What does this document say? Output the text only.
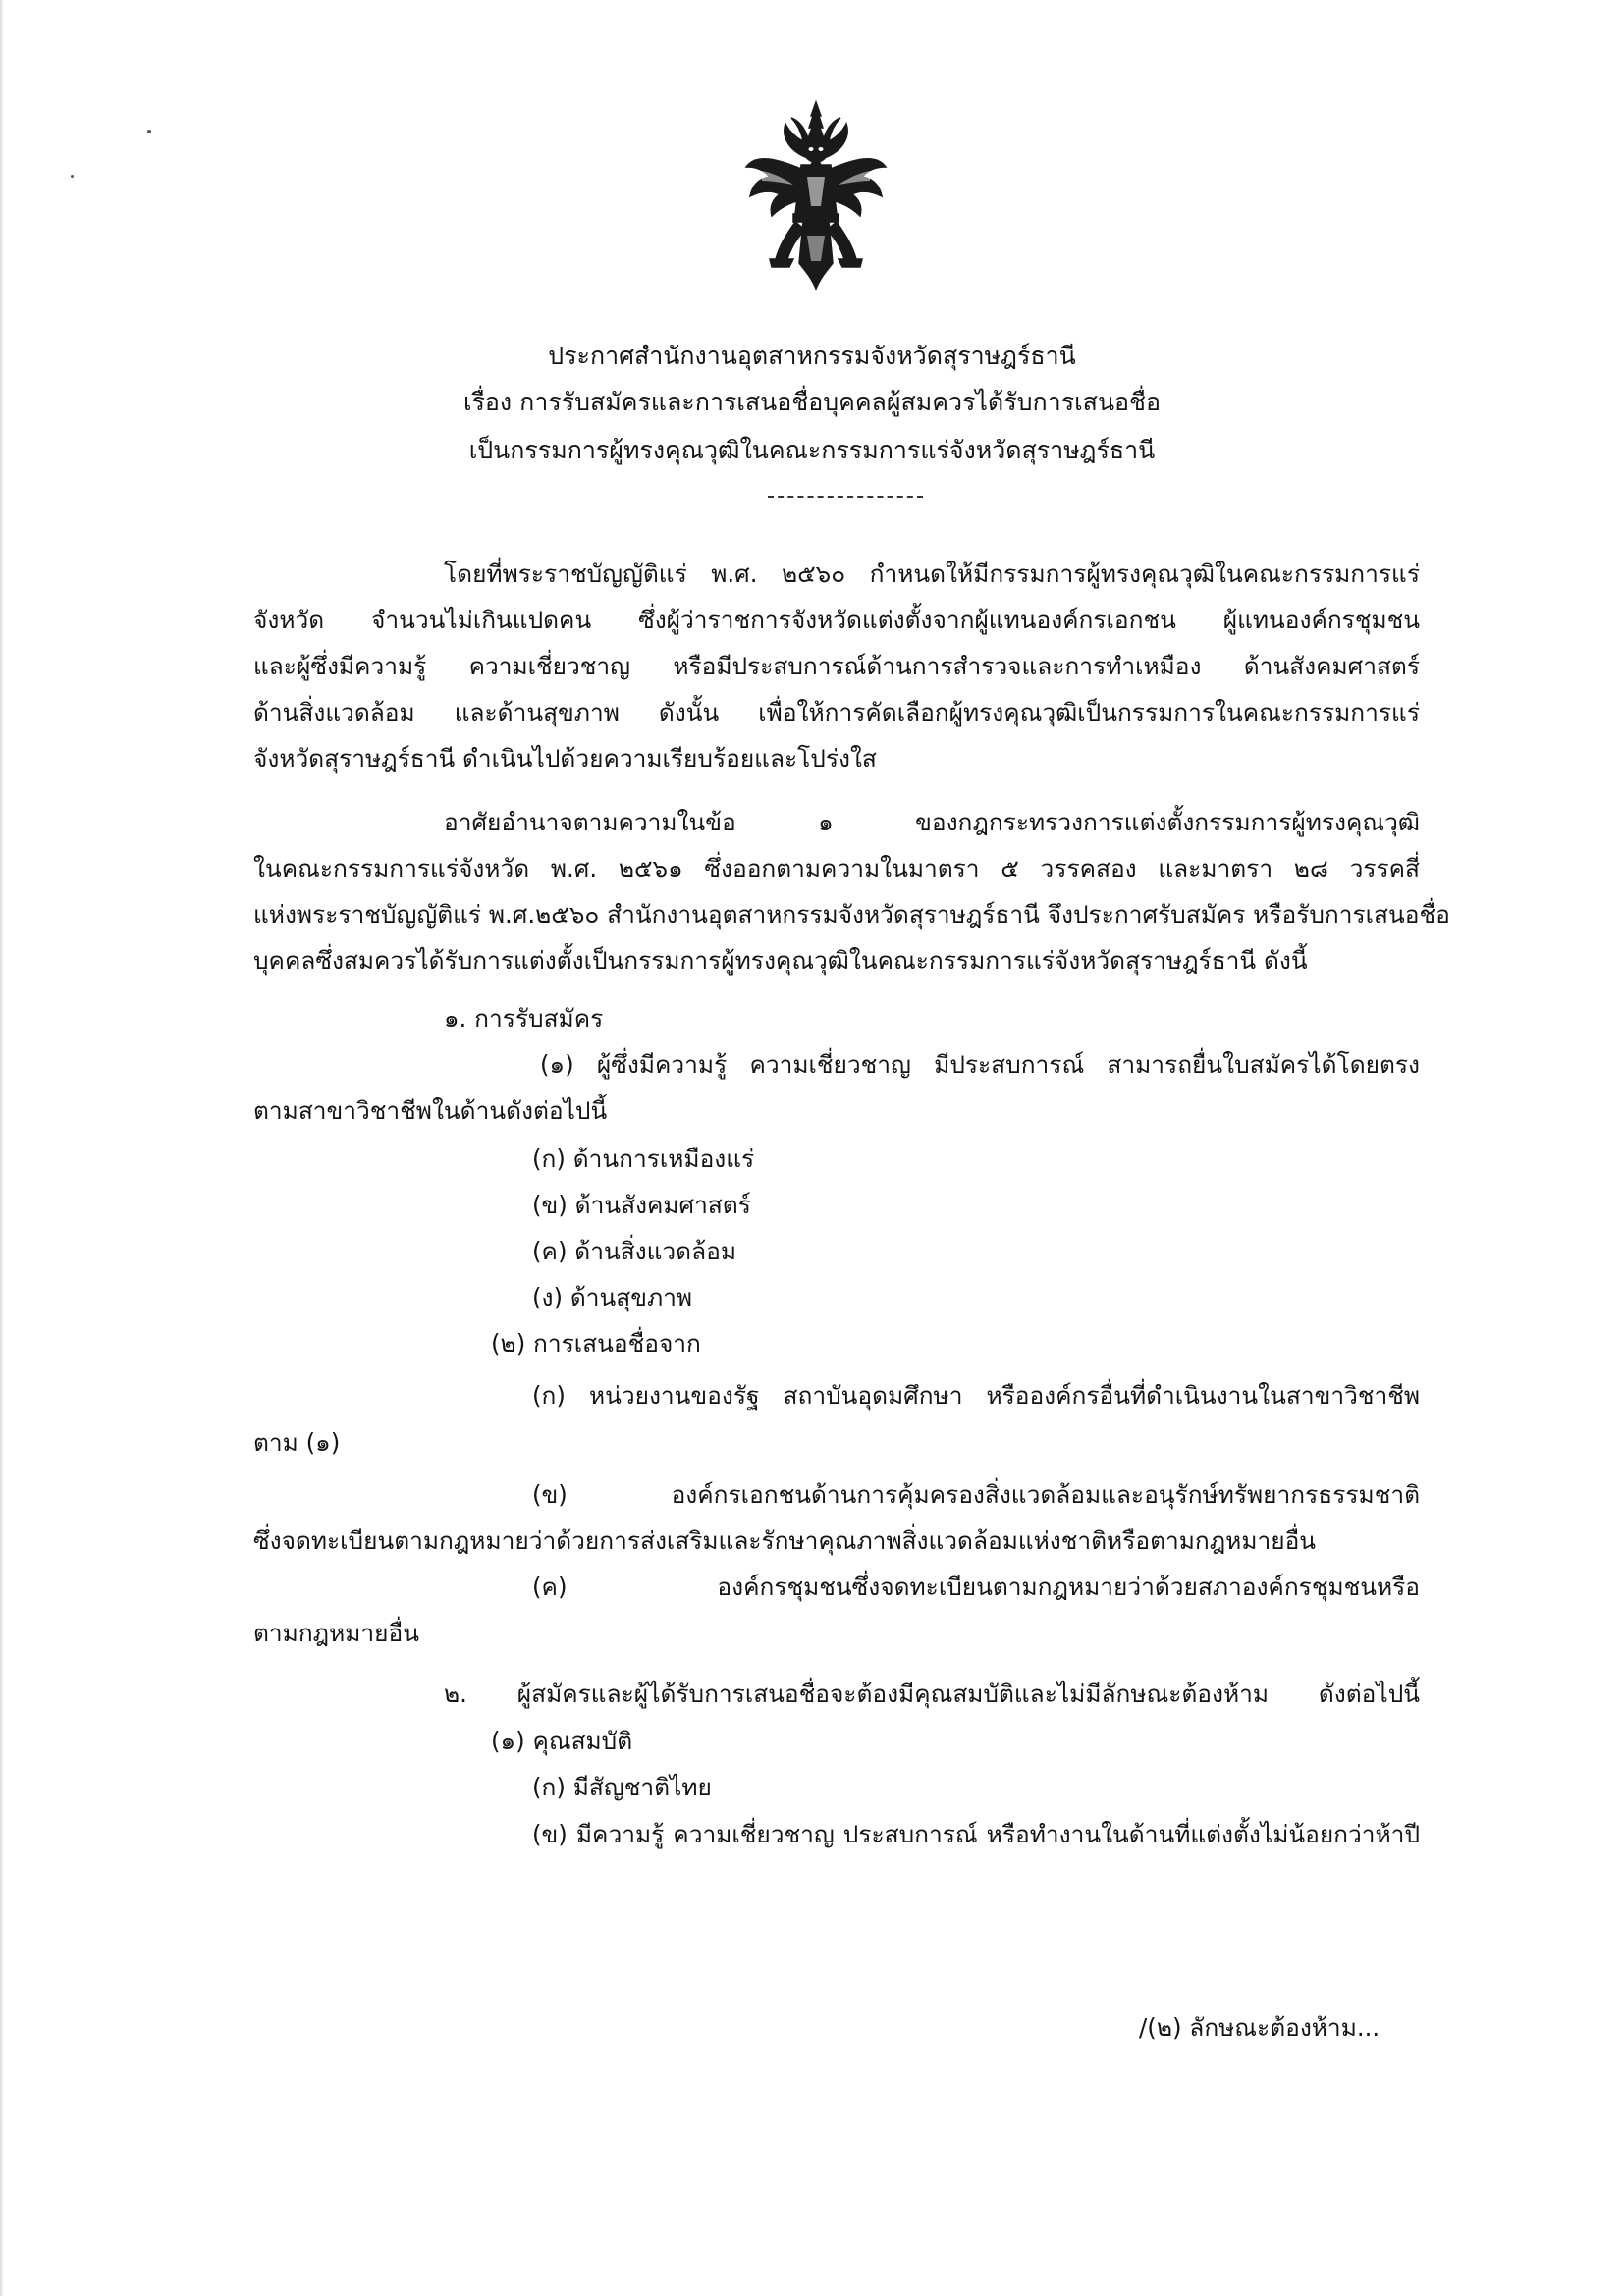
ประกาศสำนักงานอุตสาหกรรมจังหวัดสุราษฎร์ธานี
เรื่อง การรับสมัครและการเสนอชื่อบุคคลผู้สมควรได้รับการเสนอชื่อ
เป็นกรรมการผู้ทรงคุณวุฒิในคณะกรรมการแร่จังหวัดสุราษฎร์ธานี
โดยที่พระราชบัญญัติแร่ พ.ศ. ๒๕๖๐ กำหนดให้มีกรรมการผู้ทรงคุณวุฒิในคณะกรรมการแร่
จังหวัด จำนวนไม่เกินแปดคน ซึ่งผู้ว่าราชการจังหวัดแต่งตั้งจากผู้แทนองค์กรเอกชน ผู้แทนองค์กรชุมชน
และผู้ซึ่งมีความรู้ ความเชี่ยวชาญ หรือมีประสบการณ์ด้านการสำรวจและการทำเหมือง ด้านสังคมศาสตร์
ด้านสิ่งแวดล้อม และด้านสุขภาพ ดังนั้น เพื่อให้การคัดเลือกผู้ทรงคุณวุฒิเป็นกรรมการในคณะกรรมการแร่
จังหวัดสุราษฎร์ธานี ดำเนินไปด้วยความเรียบร้อยและโปร่งใส
อาศัยอำนาจตามความในข้อ ๑ ของกฎกระทรวงการแต่งตั้งกรรมการผู้ทรงคุณวุฒิ
ในคณะกรรมการแร่จังหวัด พ.ศ. ๒๕๖๑ ซึ่งออกตามความในมาตรา ๕ วรรคสอง และมาตรา ๒๘ วรรคสี่
แห่งพระราชบัญญัติแร่ พ.ศ.๒๕๖๐ สำนักงานอุตสาหกรรมจังหวัดสุราษฎร์ธานี จึงประกาศรับสมัคร หรือรับการเสนอชื่อ
บุคคลซึ่งสมควรได้รับการแต่งตั้งเป็นกรรมการผู้ทรงคุณวุฒิในคณะกรรมการแร่จังหวัดสุราษฎร์ธานี ดังนี้
๑. การรับสมัคร
(๑) ผู้ซึ่งมีความรู้ ความเชี่ยวชาญ มีประสบการณ์ สามารถยื่นใบสมัครได้โดยตรง
ตามสาขาวิชาชีพในด้านดังต่อไปนี้
(ก) ด้านการเหมืองแร่
(ข) ด้านสังคมศาสตร์
(ค) ด้านสิ่งแวดล้อม
(ง) ด้านสุขภาพ
(๒) การเสนอชื่อจาก
(ก) หน่วยงานของรัฐ สถาบันอุดมศึกษา หรือองค์กรอื่นที่ดำเนินงานในสาขาวิชาชีพ
ตาม (๑)
(ข) องค์กรเอกชนด้านการคุ้มครองสิ่งแวดล้อมและอนุรักษ์ทรัพยากรธรรมชาติ
ซึ่งจดทะเบียนตามกฎหมายว่าด้วยการส่งเสริมและรักษาคุณภาพสิ่งแวดล้อมแห่งชาติหรือตามกฎหมายอื่น
(ค) องค์กรชุมชนซึ่งจดทะเบียนตามกฎหมายว่าด้วยสภาองค์กรชุมชนหรือ
ตามกฎหมายอื่น
๒. ผู้สมัครและผู้ได้รับการเสนอชื่อจะต้องมีคุณสมบัติและไม่มีลักษณะต้องห้าม ดังต่อไปนี้
(๑) คุณสมบัติ
(ก) มีสัญชาติไทย
(ข) มีความรู้ ความเชี่ยวชาญ ประสบการณ์ หรือทำงานในด้านที่แต่งตั้งไม่น้อยกว่าห้าปี
/(๒) ลักษณะต้องห้าม...
